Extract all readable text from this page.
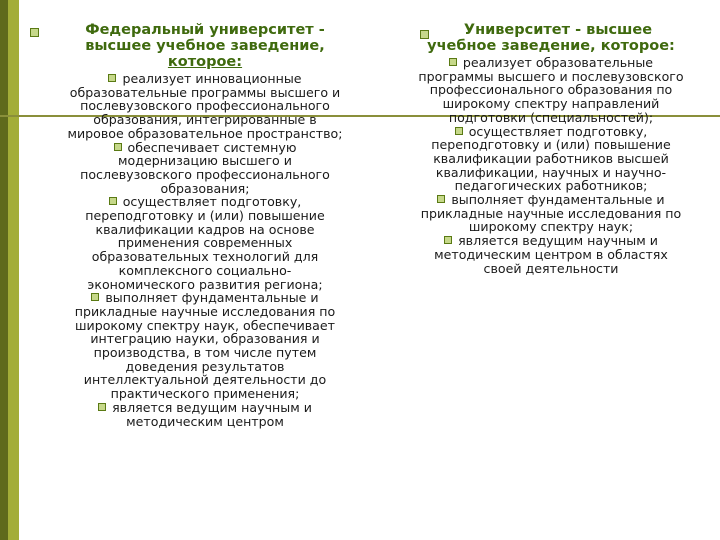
Федеральный университет -
высшее учебное заведение,
которое:

реализует инновационные образовательные программы высшего и послевузовского профессионального образования, интегрированные в мировое образовательное пространство;

обеспечивает системную модернизацию высшего и послевузовского профессионального образования;

осуществляет подготовку, переподготовку и (или) повышение квалификации кадров на основе применения современных образовательных технологий для комплексного социально-экономического развития региона;

выполняет фундаментальные и прикладные научные исследования по широкому спектру наук, обеспечивает интеграцию науки, образования и производства, в том числе путем доведения результатов интеллектуальной деятельности до практического применения;

является ведущим научным и методическим центром

Университет - высшее
учебное заведение, которое:

реализует образовательные программы высшего и послевузовского профессионального образования по широкому спектру направлений подготовки (специальностей);

осуществляет подготовку, переподготовку и (или) повышение квалификации работников высшей квалификации, научных и научно-педагогических работников;

выполняет фундаментальные и прикладные научные исследования по широкому спектру наук;

является ведущим научным и методическим центром в областях своей деятельности
